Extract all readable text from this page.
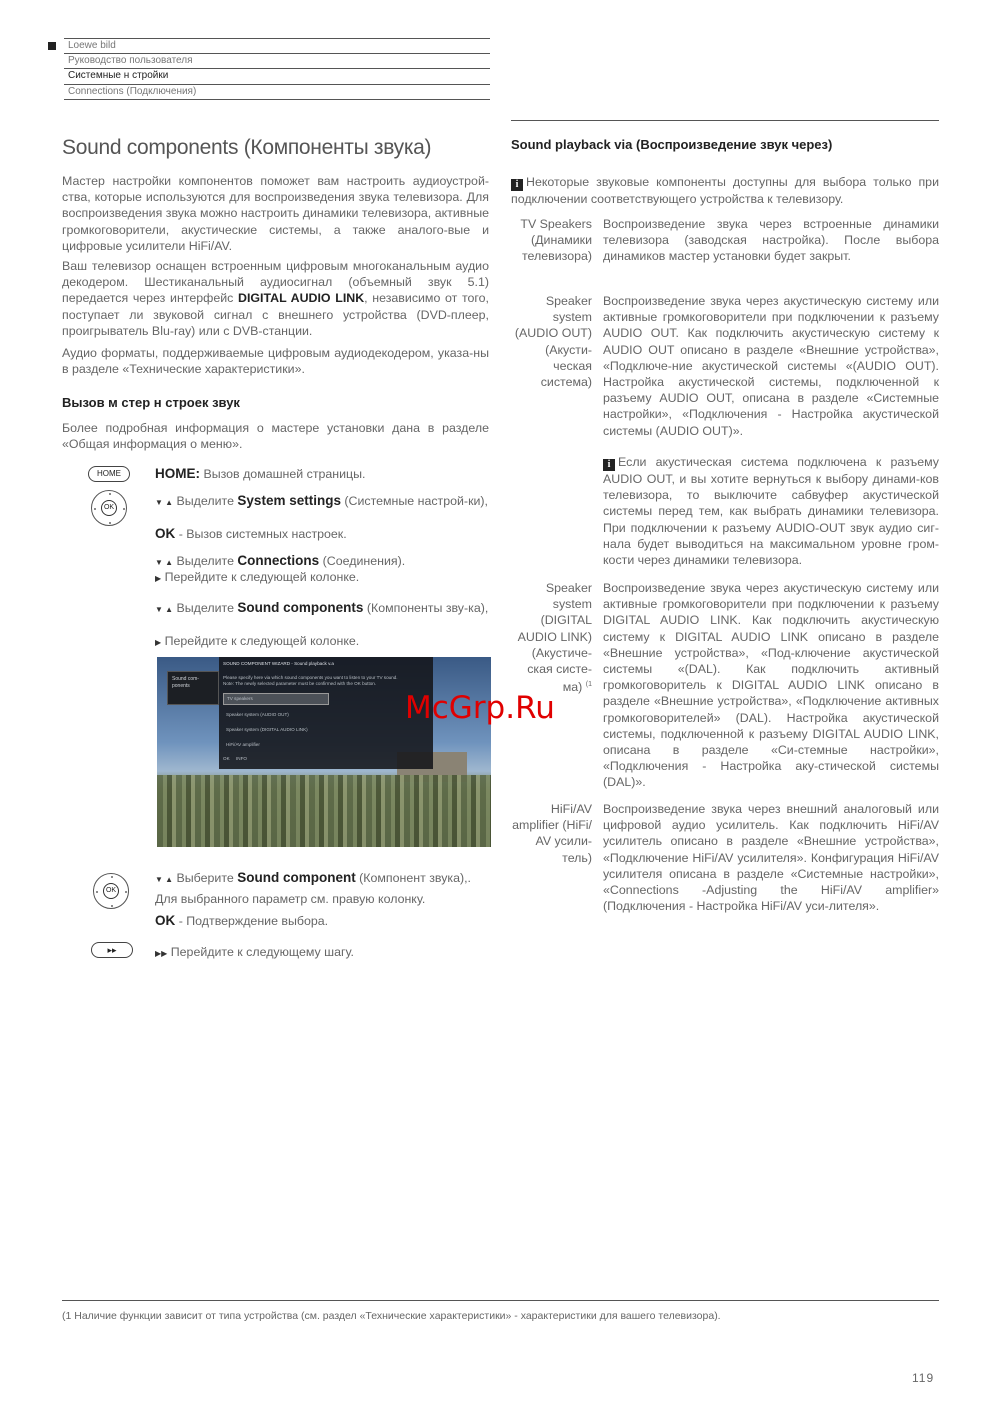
Loewe bild
Руководство пользователя
Системные н стройки
Connections (Подключения)
Sound components (Компоненты звука)
Мастер настройки компонентов поможет вам настроить аудиоустрой-ства, которые используются для воспроизведения звука телевизора. Для воспроизведения звука можно настроить динамики телевизора, активные громкоговорители, акустические системы, а также аналого-вые и цифровые усилители HiFi/AV.
Ваш телевизор оснащен встроенным цифровым многоканальным аудио декодером. Шестиканальный аудиосигнал (объемный звук 5.1) передается через интерфейс DIGITAL AUDIO LINK, независимо от того, поступает ли звуковой сигнал с внешнего устройства (DVD-плеер, проигрыватель Blu-ray) или с DVB-станции.
Аудио форматы, поддерживаемые цифровым аудиодекодером, указа-ны в разделе «Технические характеристики».
Вызов м стер н строек звук
Более подробная информация о мастере установки дана в разделе «Общая информация о меню».
HOME
OK
OK
▸▸
HOME: Вызов домашней страницы.
▼ ▲ Выделите System settings (Системные настрой-ки),
OK - Вызов системных настроек.
▼ ▲ Выделите Connections (Соединения).
▶ Перейдите к следующей колонке.
▼ ▲ Выделите Sound components (Компоненты зву-ка),
▶ Перейдите к следующей колонке.
Sound com-ponents
SOUND COMPONENT WIZARD - Sound playback v.a
Please specify here via which sound components you want to listen to your TV sound.
Note: The newly selected parameter must be confirmed with the OK button.
TV speakers
Speaker system (AUDIO OUT)
Speaker system (DIGITAL AUDIO LINK)
HiFi/AV amplifier
OK INFO
▼ ▲ Выберите Sound component (Компонент звука),.
Для выбранного параметр см. правую колонку.
OK - Подтверждение выбора.
▶▶ Перейдите к следующему шагу.
Sound playback via (Воспроизведение звук через)
i Некоторые звуковые компоненты доступны для выбора только при подключении соответствующего устройства к телевизору.
TV Speakers (Динамики телевизора)
Воспроизведение звука через встроенные динамики телевизора (заводская настройка). После выбора динамиков мастер установки будет закрыт.
Speaker system (AUDIO OUT) (Акусти-ческая система)
Воспроизведение звука через акустическую систему или активные громкоговорители при подключении к разъему AUDIO OUT. Как подключить акустическую систему к AUDIO OUT описано в разделе «Внешние устройства», «Подключе-ние акустической системы «(AUDIO OUT). Настройка акустической системы, подключенной к разъему AUDIO OUT, описана в разделе «Системные настройки», «Подключения - Настройка акустической системы (AUDIO OUT)».
i Если акустическая система подключена к разъему AUDIO OUT, и вы хотите вернуться к выбору динами-ков телевизора, то выключите сабвуфер акустической системы перед тем, как выбрать динамики телевизора. При подключении к разъему AUDIO-OUT звук аудио сиг-нала будет выводиться на максимальном уровне гром-кости через динамики телевизора.
Speaker system (DIGITAL AUDIO LINK) (Акустиче-ская систе-ма) $^{(1}$
Воспроизведение звука через акустическую систему или активные громкоговорители при подключении к разъему DIGITAL AUDIO LINK. Как подключить акустическую систему к DIGITAL AUDIO LINK описано в разделе «Внешние устройства», «Под-ключение акустической системы «(DAL). Как подключить активный громкоговоритель к DIGITAL AUDIO LINK описано в разделе «Внешние устройства», «Подключение активных громкоговорителей» (DAL). Настройка акустической системы, подключенной к разъему DIGITAL AUDIO LINK, описана в разделе «Си-стемные настройки», «Подключения - Настройка аку-стической системы (DAL)».
HiFi/AV amplifier (HiFi/ AV усили-тель)
Воспроизведение звука через внешний аналоговый или цифровой аудио усилитель. Как подключить HiFi/AV усилитель описано в разделе «Внешние устройства», «Подключение HiFi/AV усилителя». Конфигурация HiFi/AV усилителя описана в разделе «Системные настройки», «Connections -Adjusting the HiFi/AV amplifier» (Подключения - Настройка HiFi/AV уси-лителя».
McGrp.Ru
(1 Наличие функции зависит от типа устройства (см. раздел «Технические характеристики» - характеристики для вашего телевизора).
119
